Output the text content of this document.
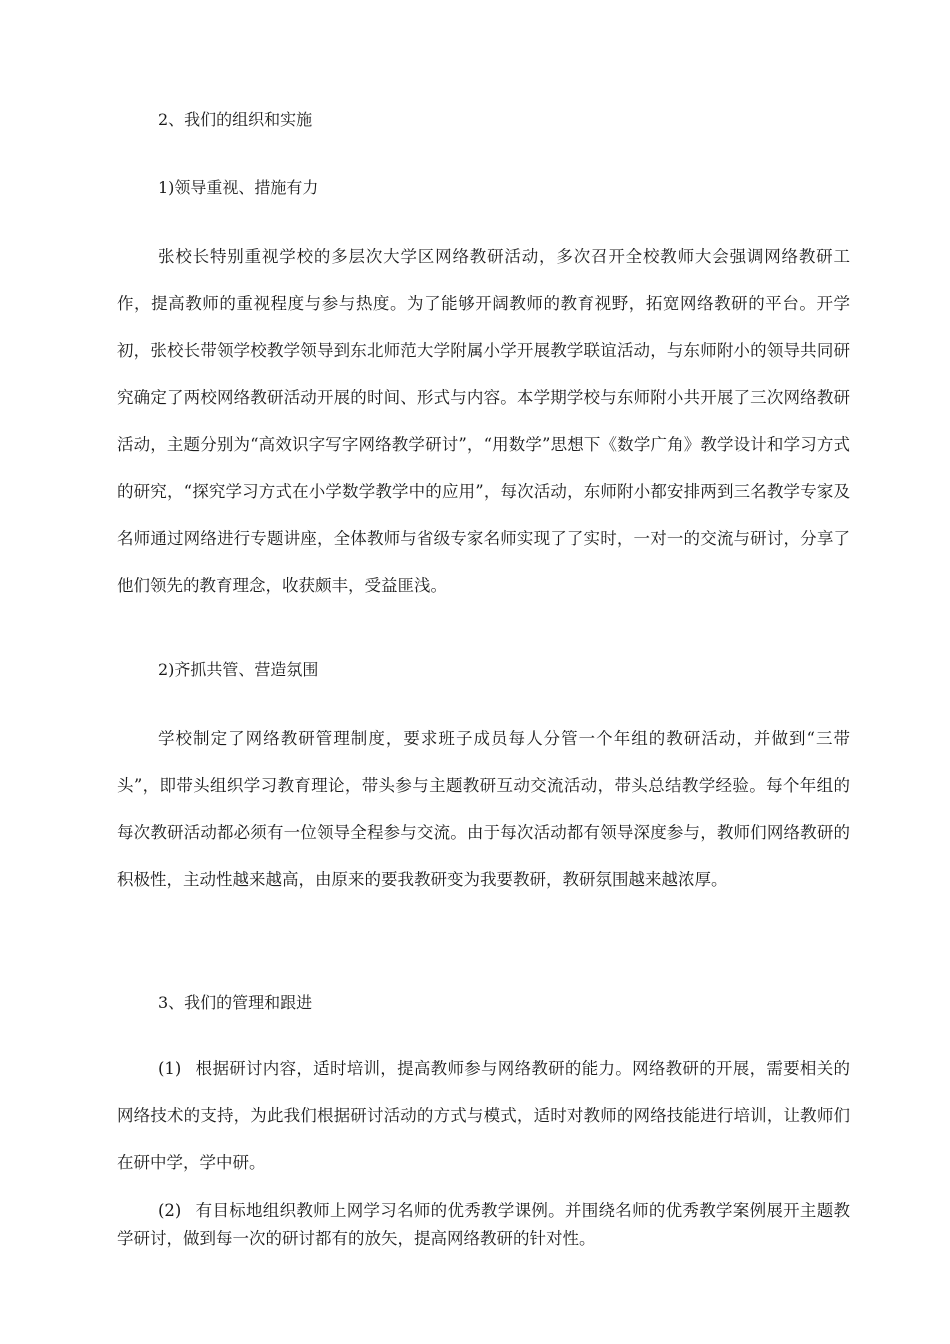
2、我们的组织和实施
1)领导重视、措施有力

张校长特别重视学校的多层次大学区网络教研活动，多次召开全校教师大会强调网络教研工作，提高教师的重视程度与参与热度。为了能够开阔教师的教育视野，拓宽网络教研的平台。开学初，张校长带领学校教学领导到东北师范大学附属小学开展教学联谊活动，与东师附小的领导共同研究确定了两校网络教研活动开展的时间、形式与内容。本学期学校与东师附小共开展了三次网络教研活动，主题分别为“高效识字写字网络教学研讨”，“用数学”思想下《数学广角》教学设计和学习方式的研究，“探究学习方式在小学数学教学中的应用”，每次活动，东师附小都安排两到三名教学专家及名师通过网络进行专题讲座，全体教师与省级专家名师实现了了实时，一对一的交流与研讨，分享了他们领先的教育理念，收获颇丰，受益匪浅。

2)齐抓共管、营造氛围

学校制定了网络教研管理制度，要求班子成员每人分管一个年组的教研活动，并做到“三带头”，即带头组织学习教育理论，带头参与主题教研互动交流活动，带头总结教学经验。每个年组的每次教研活动都必须有一位领导全程参与交流。由于每次活动都有领导深度参与，教师们网络教研的积极性，主动性越来越高，由原来的要我教研变为我要教研，教研氛围越来越浓厚。

3、我们的管理和跟进

(1) 根据研讨内容，适时培训，提高教师参与网络教研的能力。网络教研的开展，需要相关的网络技术的支持，为此我们根据研讨活动的方式与模式，适时对教师的网络技能进行培训，让教师们在研中学，学中研。

(2) 有目标地组织教师上网学习名师的优秀教学课例。并围绕名师的优秀教学案例展开主题教学研讨，做到每一次的研讨都有的放矢，提高网络教研的针对性。
